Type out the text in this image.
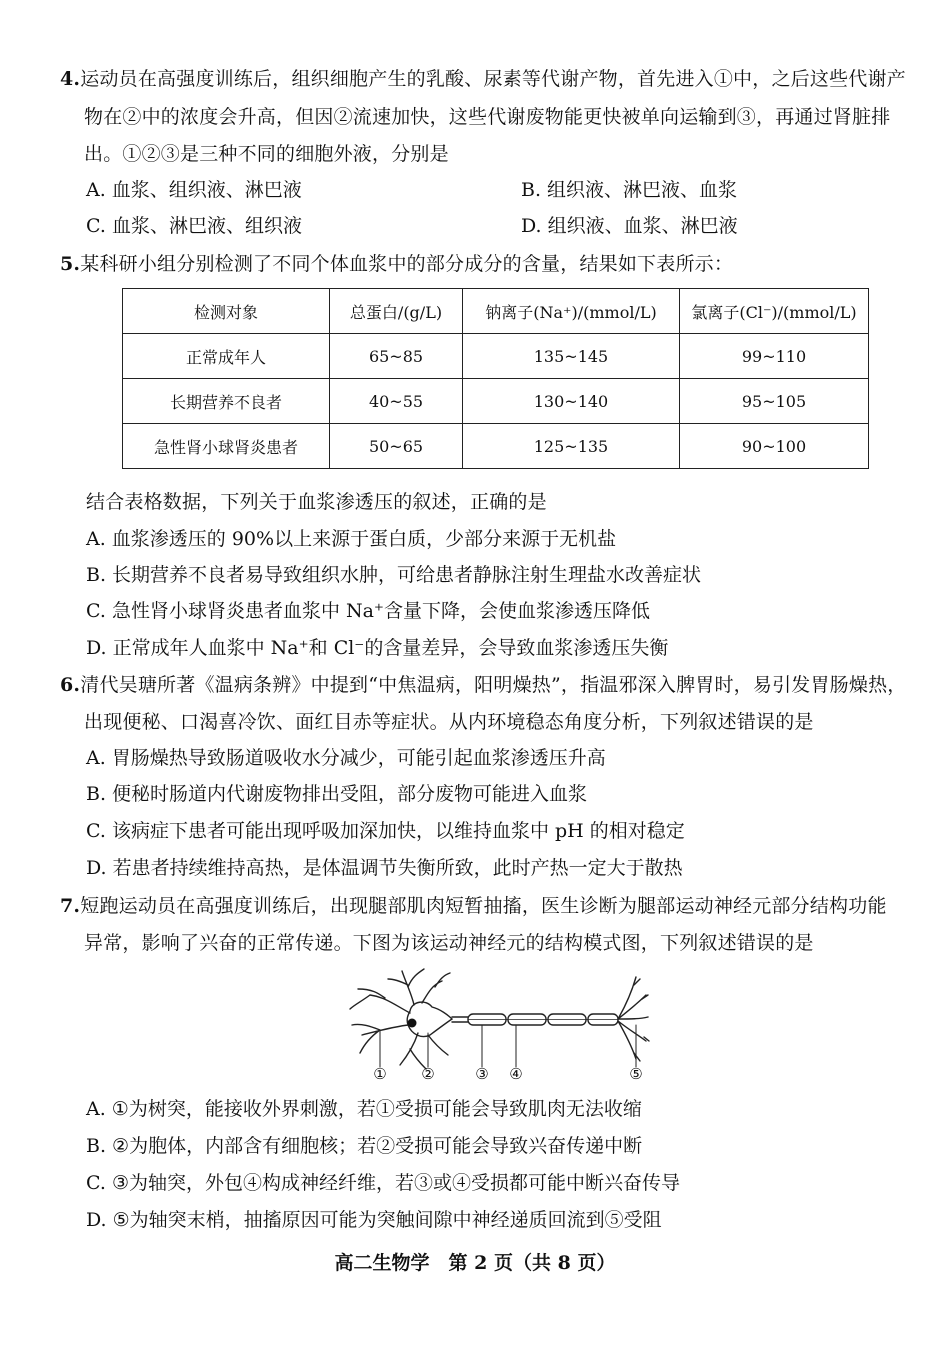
4.运动员在高强度训练后，组织细胞产生的乳酸、尿素等代谢产物，首先进入①中，之后这些代谢产
物在②中的浓度会升高，但因②流速加快，这些代谢废物能更快被单向运输到③，再通过肾脏排
出。①②③是三种不同的细胞外液，分别是
A. 血浆、组织液、淋巴液	B. 组织液、淋巴液、血浆
C. 血浆、淋巴液、组织液	D. 组织液、血浆、淋巴液
5.某科研小组分别检测了不同个体血浆中的部分成分的含量，结果如下表所示：
检测对象	总蛋白/(g/L)	钠离子(Na⁺)/(mmol/L)	氯离子(Cl⁻)/(mmol/L)
正常成年人	65~85	135~145	99~110
长期营养不良者	40~55	130~140	95~105
急性肾小球肾炎患者	50~65	125~135	90~100
结合表格数据，下列关于血浆渗透压的叙述，正确的是
A. 血浆渗透压的 90%以上来源于蛋白质，少部分来源于无机盐
B. 长期营养不良者易导致组织水肿，可给患者静脉注射生理盐水改善症状
C. 急性肾小球肾炎患者血浆中 Na⁺含量下降，会使血浆渗透压降低
D. 正常成年人血浆中 Na⁺和 Cl⁻的含量差异，会导致血浆渗透压失衡
6.清代吴瑭所著《温病条辨》中提到“中焦温病，阳明燥热”，指温邪深入脾胃时，易引发胃肠燥热，
出现便秘、口渴喜冷饮、面红目赤等症状。从内环境稳态角度分析，下列叙述错误的是
A. 胃肠燥热导致肠道吸收水分减少，可能引起血浆渗透压升高
B. 便秘时肠道内代谢废物排出受阻，部分废物可能进入血浆
C. 该病症下患者可能出现呼吸加深加快，以维持血浆中 pH 的相对稳定
D. 若患者持续维持高热，是体温调节失衡所致，此时产热一定大于散热
7.短跑运动员在高强度训练后，出现腿部肌肉短暂抽搐，医生诊断为腿部运动神经元部分结构功能
异常，影响了兴奋的正常传递。下图为该运动神经元的结构模式图，下列叙述错误的是
① ②	③ ④	⑤
A. ①为树突，能接收外界刺激，若①受损可能会导致肌肉无法收缩
B. ②为胞体，内部含有细胞核；若②受损可能会导致兴奋传递中断
C. ③为轴突，外包④构成神经纤维，若③或④受损都可能中断兴奋传导
D. ⑤为轴突末梢，抽搐原因可能为突触间隙中神经递质回流到⑤受阻
高二生物学　第 2 页（共 8 页）
